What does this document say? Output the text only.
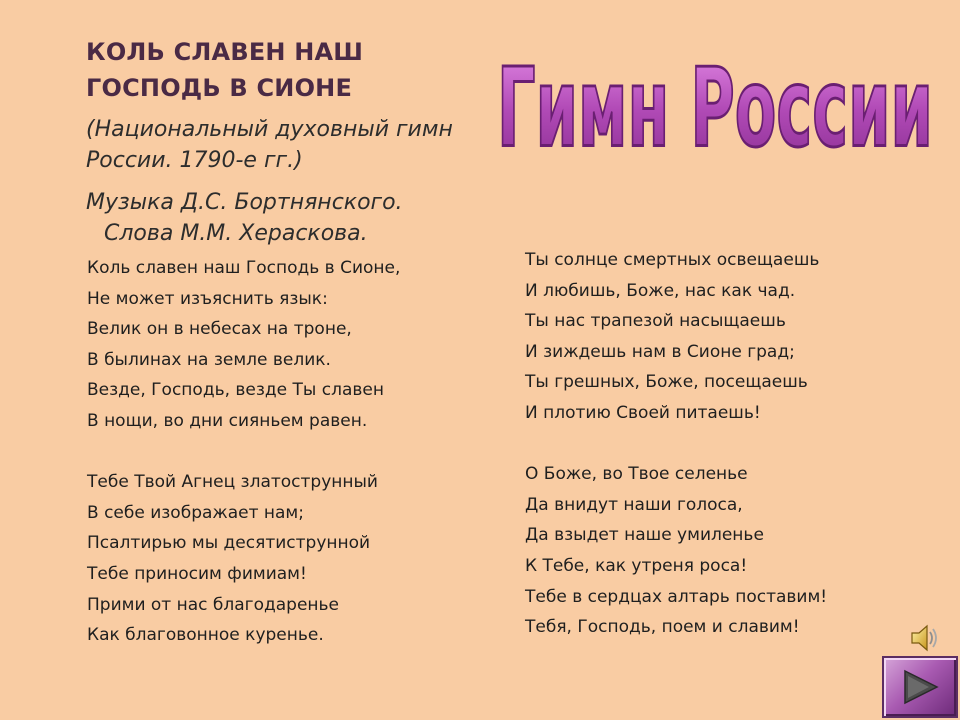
КОЛЬ СЛАВЕН НАШ
ГОСПОДЬ В СИОНЕ
(Национальный духовный гимн
России. 1790-е гг.)
Музыка Д.С. Бортнянского.
Слова М.М. Хераскова.
Гимн России
Коль славен наш Господь в Сионе,
Не может изъяснить язык:
Велик он в небесах на троне,
В былинах на земле велик.
Везде, Господь, везде Ты славен
В нощи, во дни сияньем равен.
Тебе Твой Агнец златострунный
В себе изображает нам;
Псалтирью мы десятиструнной
Тебе приносим фимиам!
Прими от нас благодаренье
Как благовонное куренье.
Ты солнце смертных освещаешь
И любишь, Боже, нас как чад.
Ты нас трапезой насыщаешь
И зиждешь нам в Сионе град;
Ты грешных, Боже, посещаешь
И плотию Своей питаешь!
О Боже, во Твое селенье
Да внидут наши голоса,
Да взыдет наше умиленье
К Тебе, как утреня роса!
Тебе в сердцах алтарь поставим!
Тебя, Господь, поем и славим!
